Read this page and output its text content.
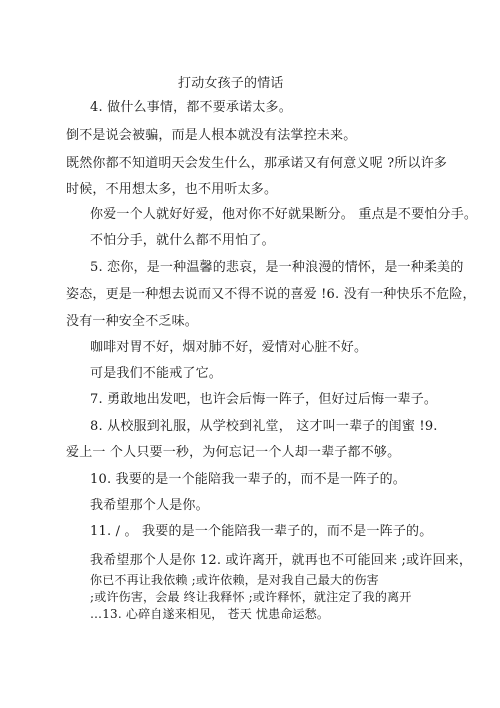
打动女孩子的情话
4. 做什么事情，都不要承诺太多。
倒不是说会被骗，而是人根本就没有法掌控未来。
既然你都不知道明天会发生什么，那承诺又有何意义呢 ?所以许多
时候，不用想太多，也不用听太多。
你爱一个人就好好爱，他对你不好就果断分。 重点是不要怕分手。
不怕分手，就什么都不用怕了。
5. 恋你，是一种温馨的悲哀，是一种浪漫的情怀，是一种柔美的
姿态，更是一种想去说而又不得不说的喜爱 !6. 没有一种快乐不危险，
没有一种安全不乏味。
咖啡对胃不好，烟对肺不好，爱情对心脏不好。
可是我们不能戒了它。
7. 勇敢地出发吧，也许会后悔一阵子，但好过后悔一辈子。
8. 从校服到礼服，从学校到礼堂， 这才叫一辈子的闺蜜 !9.
爱上一 个人只要一秒，为何忘记一个人却一辈子都不够。
10. 我要的是一个能陪我一辈子的，而不是一阵子的。
我希望那个人是你。
11. / 。 我要的是一个能陪我一辈子的，而不是一阵子的。
我希望那个人是你 12. 或许离开，就再也不可能回来 ;或许回来，
你已不再让我依赖 ;或许依赖，是对我自己最大的伤害
;或许伤害，会最 终让我释怀 ;或许释怀，就注定了我的离开
…13. 心碎自遂来相见， 苍天 忧患命运愁。
